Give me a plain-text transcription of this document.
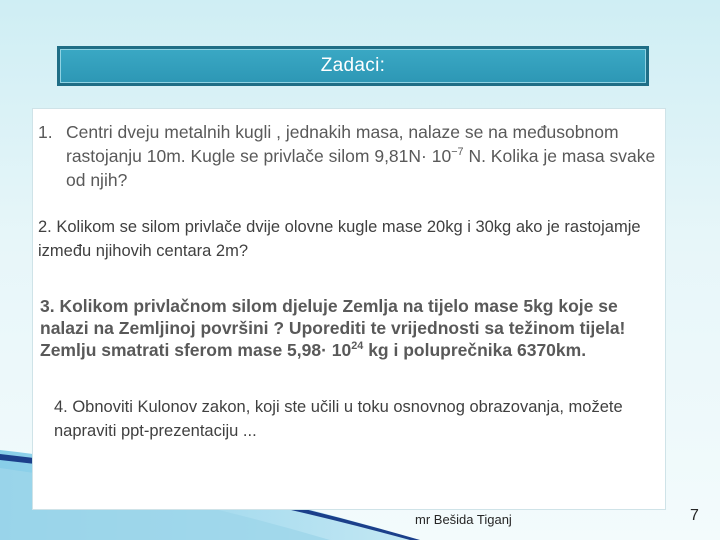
Zadaci:
1. Centri dveju metalnih kugli , jednakih masa, nalaze se na međusobnom rastojanju 10m. Kugle se privlače silom $9,81N\cdot 10^{-7}$ N. Kolika je masa svake od njih?
2. Kolikom se silom privlače dvije olovne kugle mase 20kg i 30kg ako je rastojamje između njihovih centara 2m?
3. Kolikom privlačnom silom djeluje Zemlja na tijelo mase 5kg koje se nalazi na Zemljinoj površini ? Uporediti te vrijednosti sa težinom tijela! Zemlju smatrati sferom mase $5,98\cdot 10^{24}$ kg i poluprečnika 6370km.
4. Obnoviti Kulonov zakon, koji ste učili u toku osnovnog obrazovanja, možete napraviti ppt-prezentaciju ...
mr Bešida Tiganj	7
